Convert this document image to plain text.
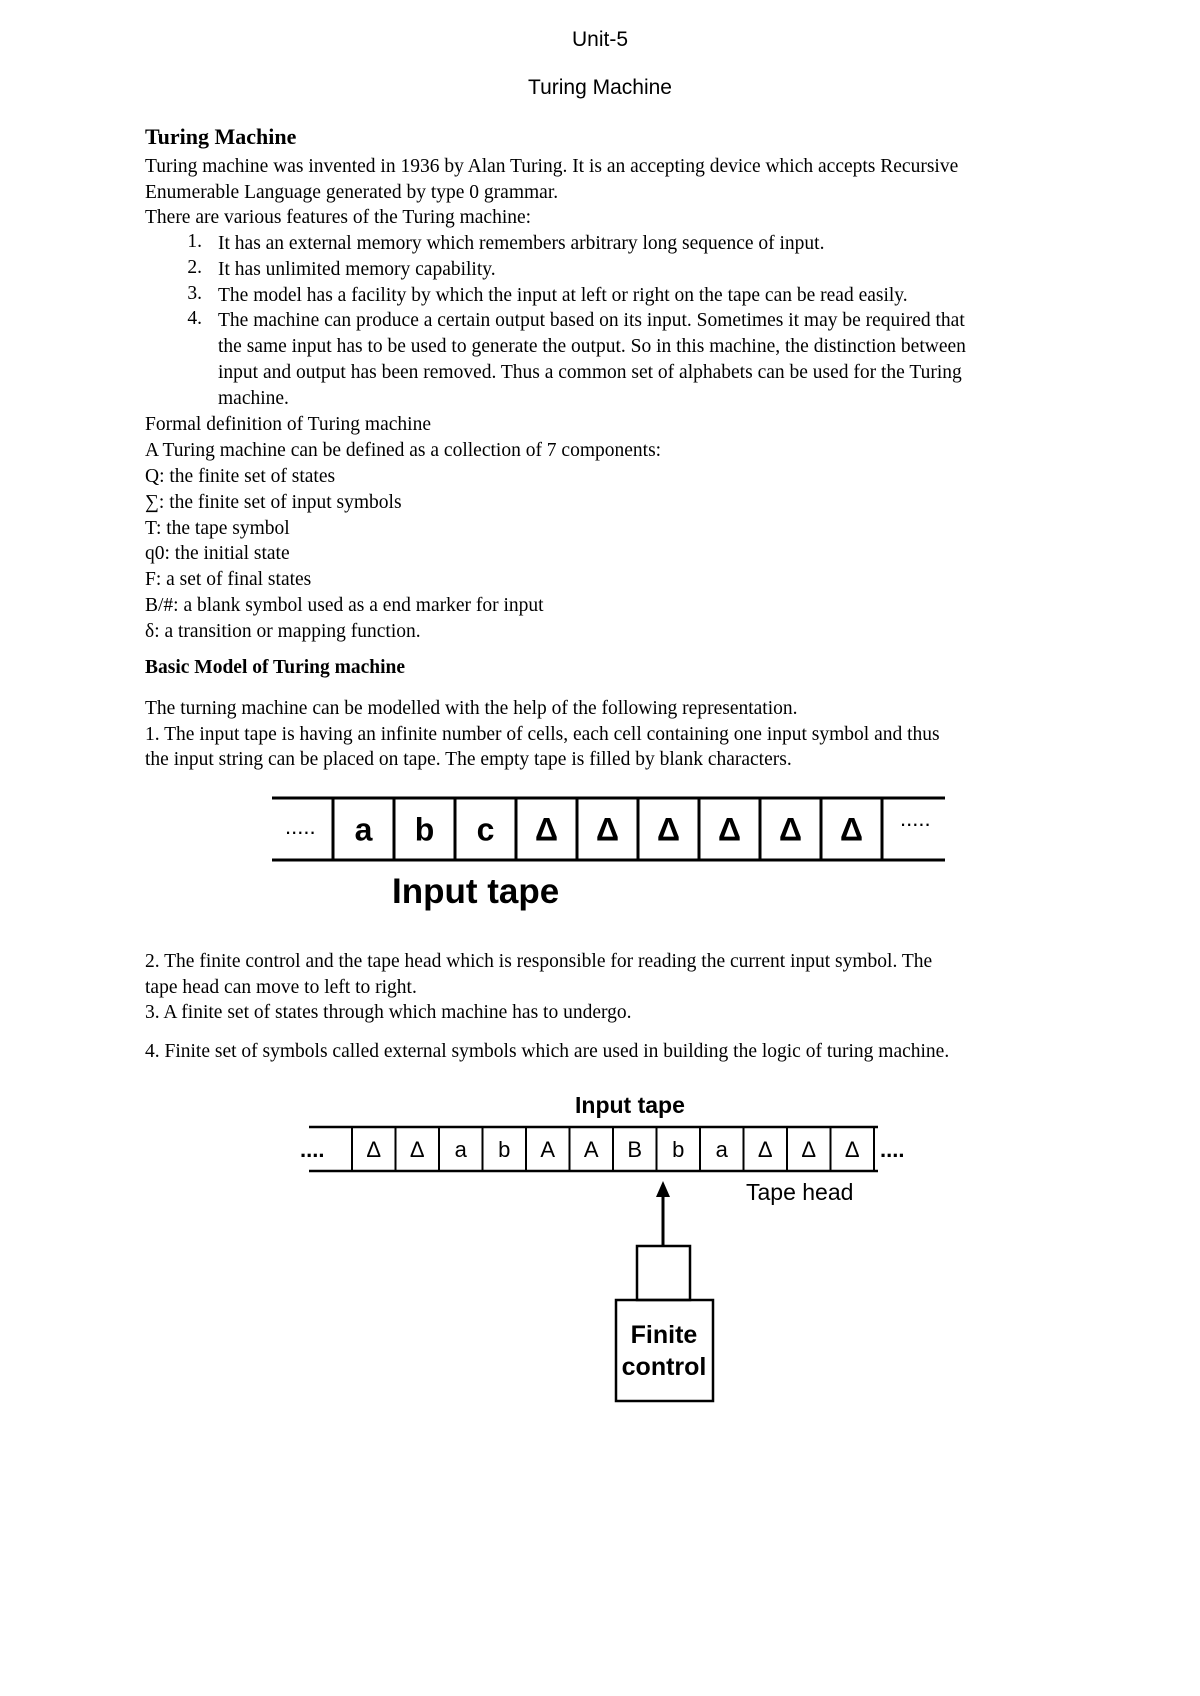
Unit-5
Turing Machine
Turing Machine
Turing machine was invented in 1936 by Alan Turing. It is an accepting device which accepts Recursive
Enumerable Language generated by type 0 grammar.
There are various features of the Turing machine:
1. It has an external memory which remembers arbitrary long sequence of input.
2. It has unlimited memory capability.
3. The model has a facility by which the input at left or right on the tape can be read easily.
4. The machine can produce a certain output based on its input. Sometimes it may be required that
the same input has to be used to generate the output. So in this machine, the distinction between
input and output has been removed. Thus a common set of alphabets can be used for the Turing
machine.
Formal definition of Turing machine
A Turing machine can be defined as a collection of 7 components:
Q: the finite set of states
∑: the finite set of input symbols
T: the tape symbol
q0: the initial state
F: a set of final states
B/#: a blank symbol used as a end marker for input
δ: a transition or mapping function.
Basic Model of Turing machine
The turning machine can be modelled with the help of the following representation.
1. The input tape is having an infinite number of cells, each cell containing one input symbol and thus
the input string can be placed on tape. The empty tape is filled by blank characters.
.....	.....
a b c Δ Δ Δ Δ Δ Δ
Input tape
2. The finite control and the tape head which is responsible for reading the current input symbol. The
tape head can move to left to right.
3. A finite set of states through which machine has to undergo.
4. Finite set of symbols called external symbols which are used in building the logic of turing machine.
Input tape
....	....
Δ Δ a b A A B b a Δ Δ Δ
Tape head
Finite
control
